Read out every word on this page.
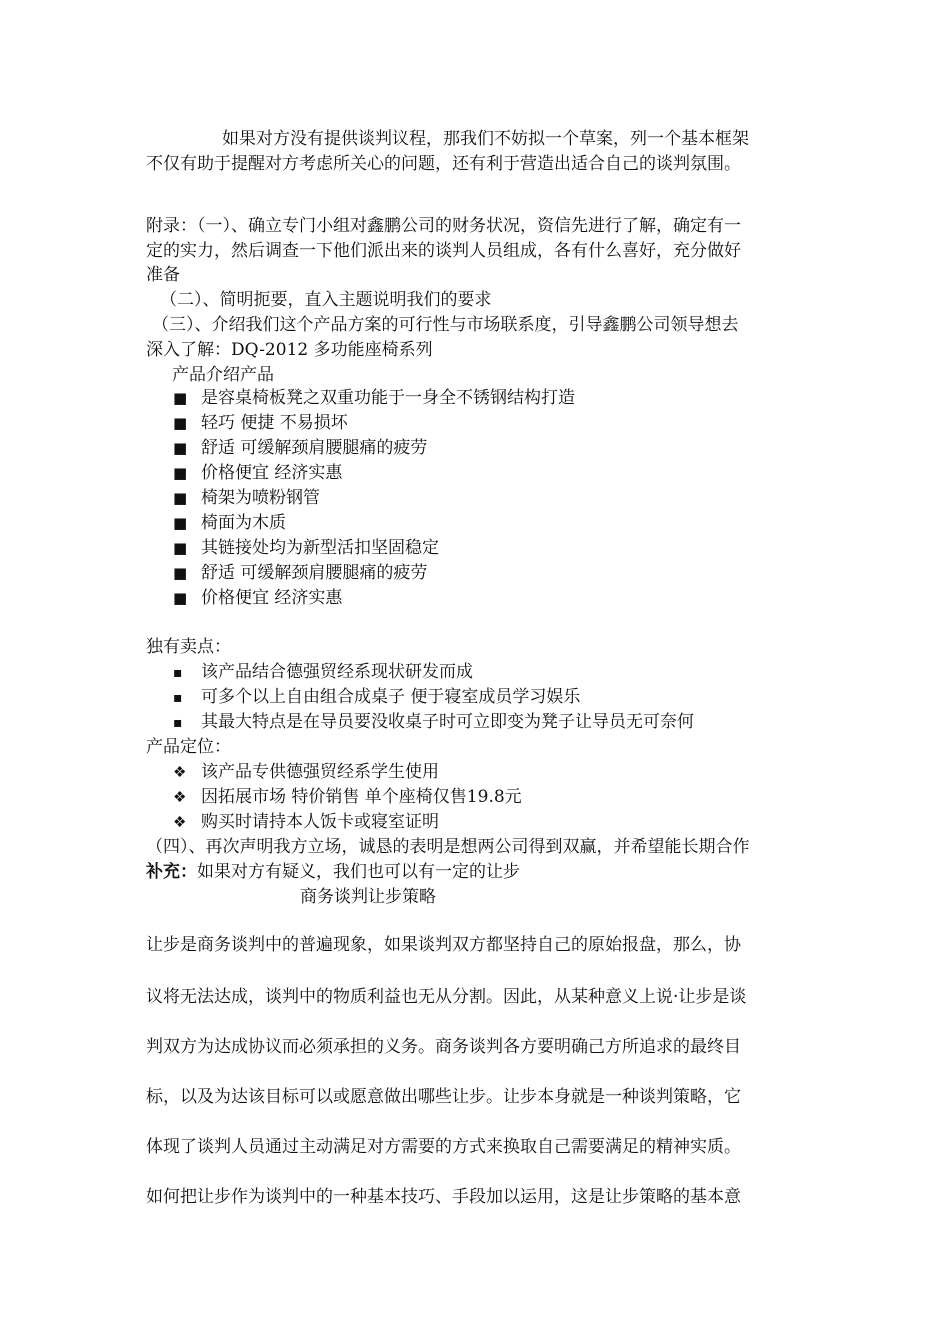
如果对方没有提供谈判议程，那我们不妨拟一个草案，列一个基本框架
不仅有助于提醒对方考虑所关心的问题，还有利于营造出适合自己的谈判氛围。
附录：（一）、确立专门小组对鑫鹏公司的财务状况，资信先进行了解，确定有一
定的实力，然后调查一下他们派出来的谈判人员组成，各有什么喜好，充分做好
准备
（二）、简明扼要，直入主题说明我们的要求
（三）、介绍我们这个产品方案的可行性与市场联系度，引导鑫鹏公司领导想去
深入了解：DQ-2012 多功能座椅系列
产品介绍产品
■是容桌椅板凳之双重功能于一身全不锈钢结构打造
■轻巧 便捷 不易损坏
■舒适 可缓解颈肩腰腿痛的疲劳
■价格便宜 经济实惠
■椅架为喷粉钢管
■椅面为木质
■其链接处均为新型活扣坚固稳定
■舒适 可缓解颈肩腰腿痛的疲劳
■价格便宜 经济实惠
独有卖点：
▪该产品结合德强贸经系现状研发而成
▪可多个以上自由组合成桌子 便于寝室成员学习娱乐
▪其最大特点是在导员要没收桌子时可立即变为凳子让导员无可奈何
产品定位：
❖该产品专供德强贸经系学生使用
❖因拓展市场 特价销售 单个座椅仅售19.8元
❖购买时请持本人饭卡或寝室证明
（四）、再次声明我方立场，诚恳的表明是想两公司得到双赢，并希望能长期合作
补充：如果对方有疑义，我们也可以有一定的让步
商务谈判让步策略
让步是商务谈判中的普遍现象，如果谈判双方都坚持自己的原始报盘，那么，协
议将无法达成，谈判中的物质利益也无从分割。因此，从某种意义上说·让步是谈
判双方为达成协议而必须承担的义务。商务谈判各方要明确己方所追求的最终目
标，以及为达该目标可以或愿意做出哪些让步。让步本身就是一种谈判策略，它
体现了谈判人员通过主动满足对方需要的方式来换取自己需要满足的精神实质。
如何把让步作为谈判中的一种基本技巧、手段加以运用，这是让步策略的基本意
